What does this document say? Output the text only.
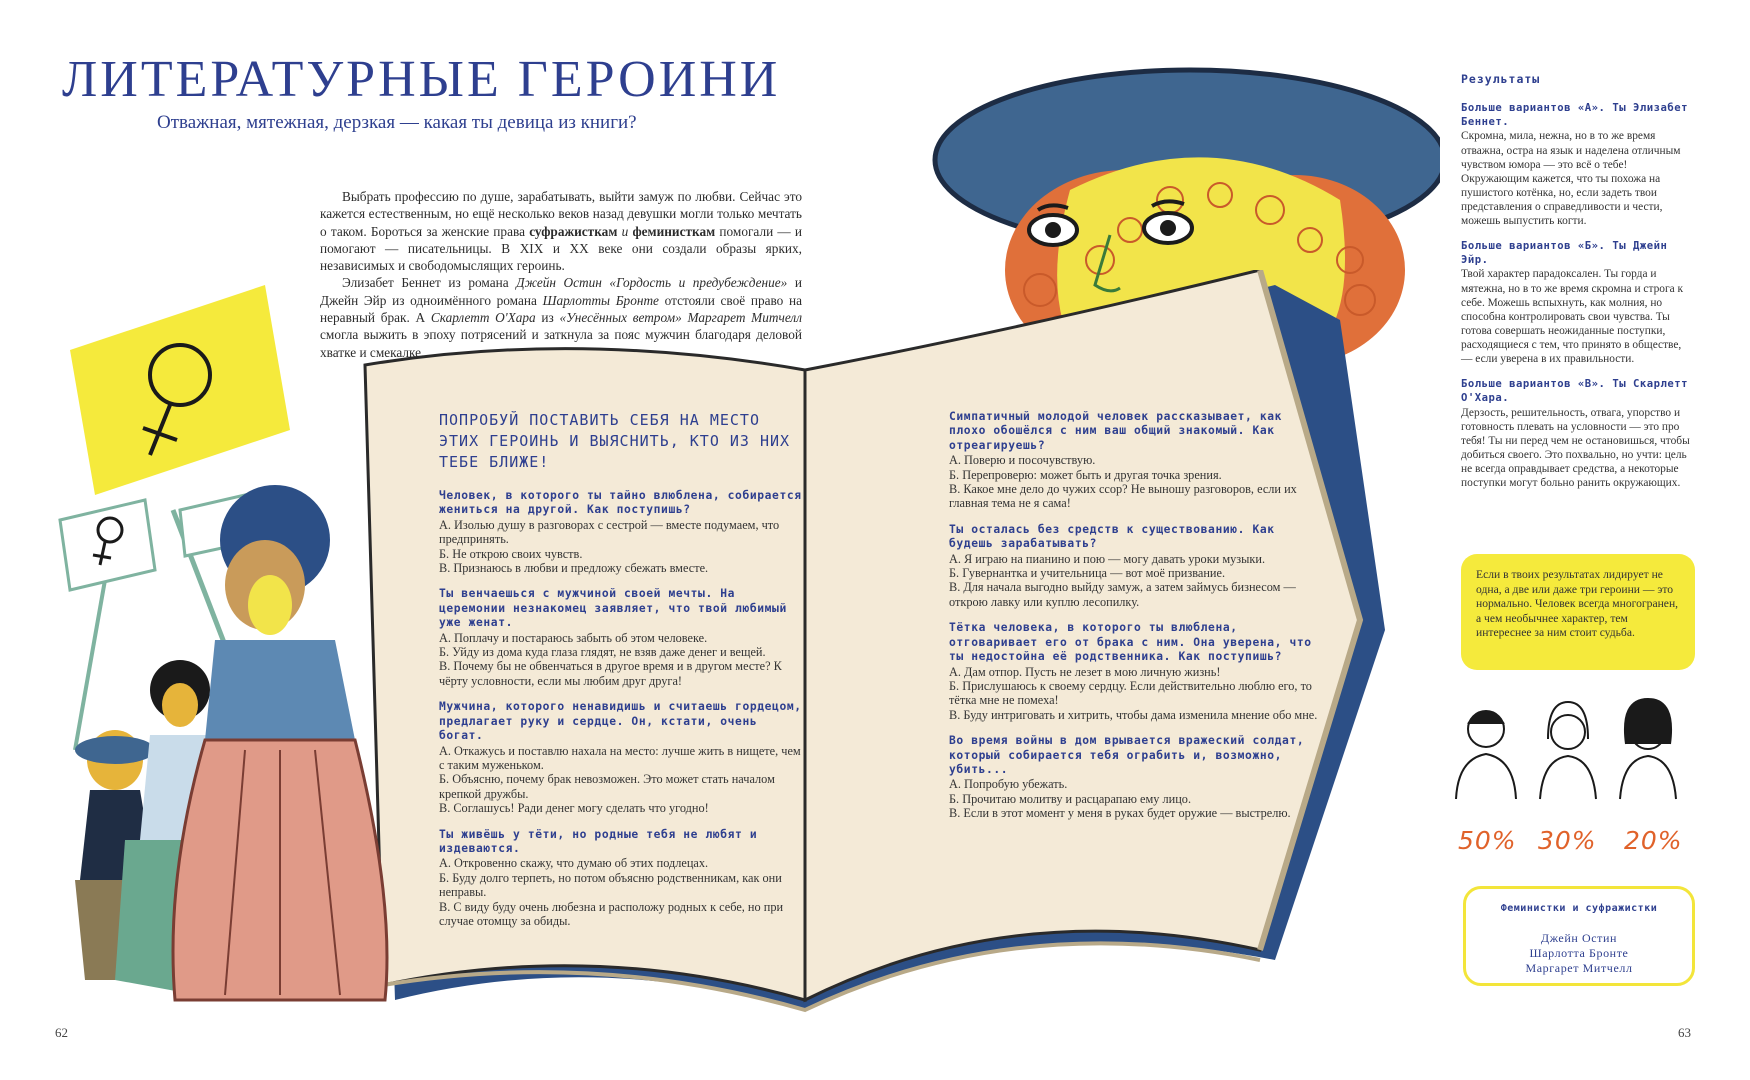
ЛИТЕРАТУРНЫЕ ГЕРОИНИ
Отважная, мятежная, дерзкая — какая ты девица из книги?

Выбрать профессию по душе, зарабатывать, выйти замуж по любви. Сейчас это кажется естественным, но ещё несколько веков назад девушки могли только мечтать о таком. Бороться за женские права суфражисткам и феминисткам помогали — и помогают — писательницы. В XIX и XX веке они создали образы ярких, независимых и свободомыслящих героинь.

Элизабет Беннет из романа Джейн Остин «Гордость и предубеждение» и Джейн Эйр из одноимённого романа Шарлотты Бронте отстояли своё право на неравный брак. А Скарлетт О'Хара из «Унесённых ветром» Маргарет Митчелл смогла выжить в эпоху потрясений и заткнула за пояс мужчин благодаря деловой хватке и смекалке.

ПОПРОБУЙ ПОСТАВИТЬ СЕБЯ НА МЕСТО ЭТИХ ГЕРОИНЬ И ВЫЯСНИТЬ, КТО ИЗ НИХ ТЕБЕ БЛИЖЕ!
Человек, в которого ты тайно влюблена, собирается жениться на другой. Как поступишь?
А. Изолью душу в разговорах с сестрой — вместе подумаем, что предпринять.
Б. Не открою своих чувств.
В. Признаюсь в любви и предложу сбежать вместе.
Ты венчаешься с мужчиной своей мечты. На церемонии незнакомец заявляет, что твой любимый уже женат.
А. Поплачу и постараюсь забыть об этом человеке.
Б. Уйду из дома куда глаза глядят, не взяв даже денег и вещей.
В. Почему бы не обвенчаться в другое время и в другом месте? К чёрту условности, если мы любим друг друга!
Мужчина, которого ненавидишь и считаешь гордецом, предлагает руку и сердце. Он, кстати, очень богат.
А. Откажусь и поставлю нахала на место: лучше жить в нищете, чем с таким муженьком.
Б. Объясню, почему брак невозможен. Это может стать началом крепкой дружбы.
В. Соглашусь! Ради денег могу сделать что угодно!
Ты живёшь у тёти, но родные тебя не любят и издеваются.
А. Откровенно скажу, что думаю об этих подлецах.
Б. Буду долго терпеть, но потом объясню родственникам, как они неправы.
В. С виду буду очень любезна и расположу родных к себе, но при случае отомщу за обиды.
Симпатичный молодой человек рассказывает, как плохо обошёлся с ним ваш общий знакомый. Как отреагируешь?
А. Поверю и посочувствую.
Б. Перепроверю: может быть и другая точка зрения.
В. Какое мне дело до чужих ссор? Не выношу разговоров, если их главная тема не я сама!
Ты осталась без средств к существованию. Как будешь зарабатывать?
А. Я играю на пианино и пою — могу давать уроки музыки.
Б. Гувернантка и учительница — вот моё призвание.
В. Для начала выгодно выйду замуж, а затем займусь бизнесом — открою лавку или куплю лесопилку.
Тётка человека, в которого ты влюблена, отговаривает его от брака с ним. Она уверена, что ты недостойна её родственника. Как поступишь?
А. Дам отпор. Пусть не лезет в мою личную жизнь!
Б. Прислушаюсь к своему сердцу. Если действительно люблю его, то тётка мне не помеха!
В. Буду интриговать и хитрить, чтобы дама изменила мнение обо мне.
Во время войны в дом врывается вражеский солдат, который собирается тебя ограбить и, возможно, убить...
А. Попробую убежать.
Б. Прочитаю молитву и расцарапаю ему лицо.
В. Если в этот момент у меня в руках будет оружие — выстрелю.
Результаты
Больше вариантов «А». Ты Элизабет Беннет.
Скромна, мила, нежна, но в то же время отважна, остра на язык и наделена отличным чувством юмора — это всё о тебе! Окружающим кажется, что ты похожа на пушистого котёнка, но, если задеть твои представления о справедливости и чести, можешь выпустить когти.
Больше вариантов «Б». Ты Джейн Эйр.
Твой характер парадоксален. Ты горда и мятежна, но в то же время скромна и строга к себе. Можешь вспыхнуть, как молния, но способна контролировать свои чувства. Ты готова совершать неожиданные поступки, расходящиеся с тем, что принято в обществе, — если уверена в их правильности.
Больше вариантов «В». Ты Скарлетт О'Хара.
Дерзость, решительность, отвага, упорство и готовность плевать на условности — это про тебя! Ты ни перед чем не остановишься, чтобы добиться своего. Это похвально, но учти: цель не всегда оправдывает средства, а некоторые поступки могут больно ранить окружающих.
Если в твоих результатах лидирует не одна, а две или даже три героини — это нормально. Человек всегда многогранен, а чем необычнее характер, тем интереснее за ним стоит судьба.
50% 30% 20%
Феминистки и суфражистки
Джейн Остин
Шарлотта Бронте
Маргарет Митчелл
62	63
